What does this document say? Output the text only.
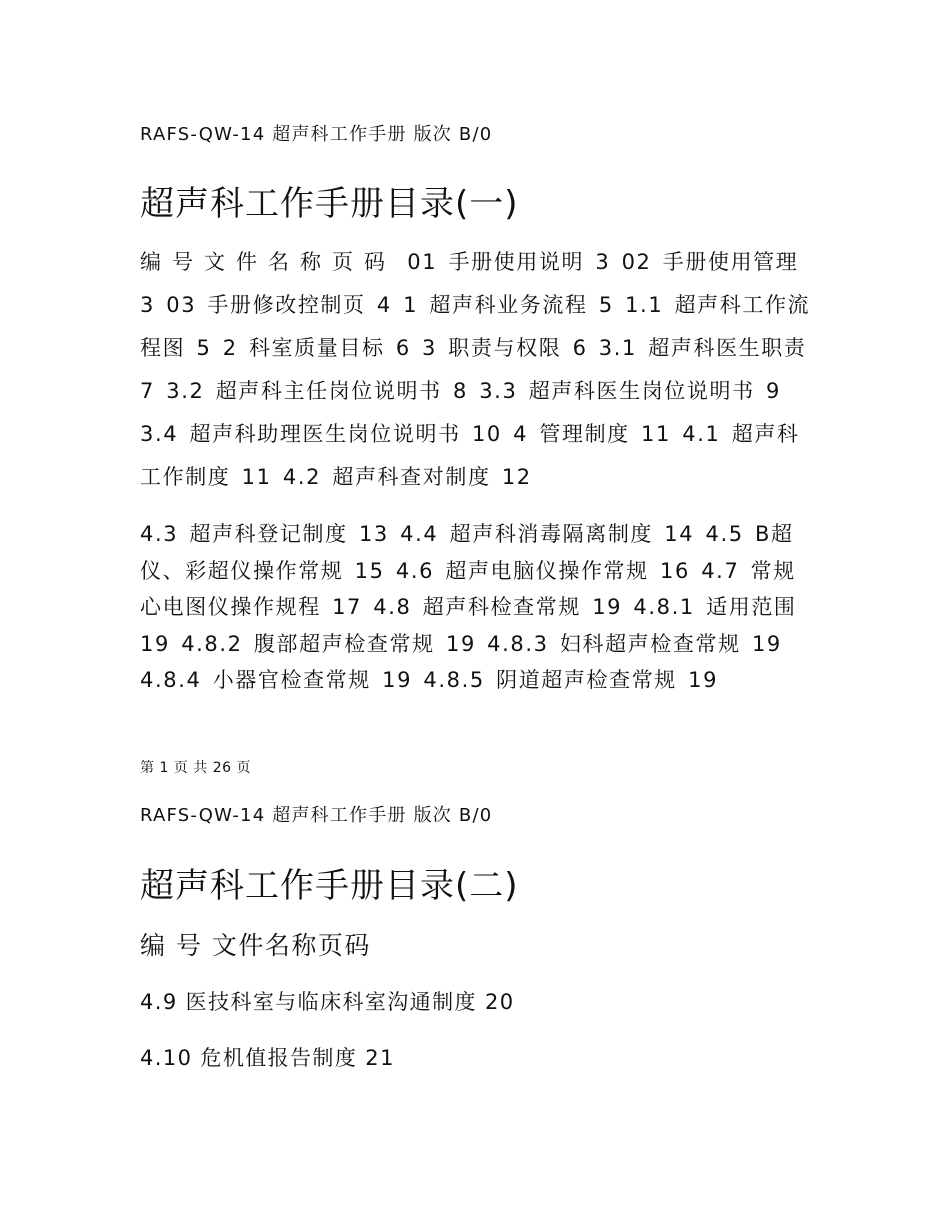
RAFS-QW-14 超声科工作手册 版次 B/0
超声科工作手册目录(一)
编号文件名称页码 01 手册使用说明 3 02 手册使用管理 3 03 手册修改控制页 4 1 超声科业务流程 5 1.1 超声科工作流程图 5 2 科室质量目标 6 3 职责与权限 6 3.1 超声科医生职责 7 3.2 超声科主任岗位说明书 8 3.3 超声科医生岗位说明书 9 3.4 超声科助理医生岗位说明书 10 4 管理制度 11 4.1 超声科工作制度 11 4.2 超声科查对制度 12
4.3 超声科登记制度 13 4.4 超声科消毒隔离制度 14 4.5 B超仪、彩超仪操作常规 15 4.6 超声电脑仪操作常规 16 4.7 常规心电图仪操作规程 17 4.8 超声科检查常规 19 4.8.1 适用范围 19 4.8.2 腹部超声检查常规 19 4.8.3 妇科超声检查常规 19 4.8.4 小器官检查常规 19 4.8.5 阴道超声检查常规 19
第 1 页 共 26 页
RAFS-QW-14 超声科工作手册 版次 B/0
超声科工作手册目录(二)
编 号 文件名称页码
4.9 医技科室与临床科室沟通制度 20
4.10 危机值报告制度 21
